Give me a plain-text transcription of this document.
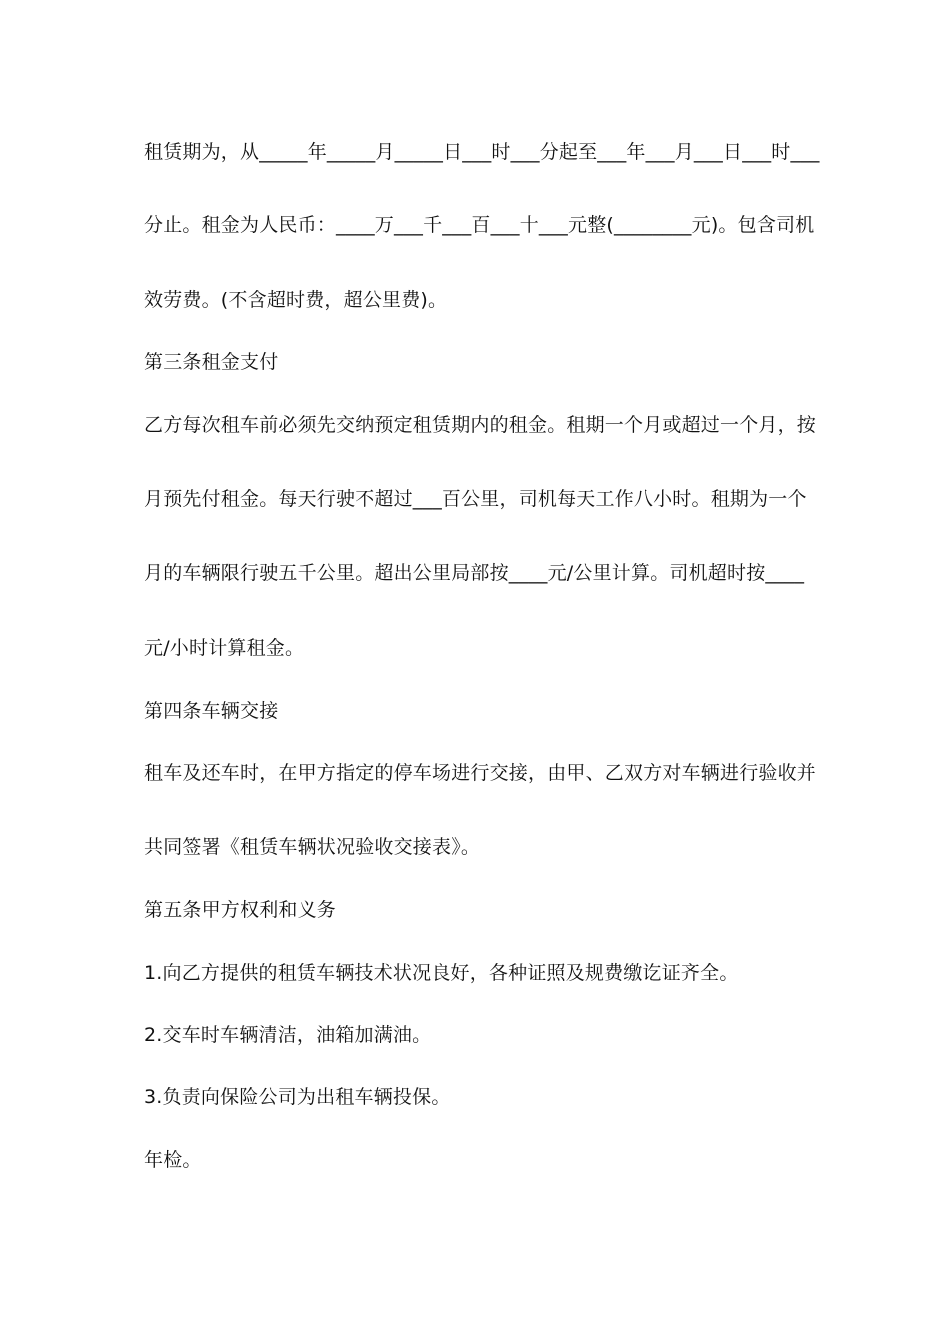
租赁期为，从_____年_____月_____日___时___分起至___年___月___日___时___
分止。租金为人民币：____万___千___百___十___元整(________元)。包含司机
效劳费。(不含超时费，超公里费)。
第三条租金支付
乙方每次租车前必须先交纳预定租赁期内的租金。租期一个月或超过一个月，按
月预先付租金。每天行驶不超过___百公里，司机每天工作八小时。租期为一个
月的车辆限行驶五千公里。超出公里局部按____元/公里计算。司机超时按____
元/小时计算租金。
第四条车辆交接
租车及还车时，在甲方指定的停车场进行交接，由甲、乙双方对车辆进行验收并
共同签署《租赁车辆状况验收交接表》。
第五条甲方权利和义务
1.向乙方提供的租赁车辆技术状况良好，各种证照及规费缴讫证齐全。
2.交车时车辆清洁，油箱加满油。
3.负责向保险公司为出租车辆投保。
年检。
